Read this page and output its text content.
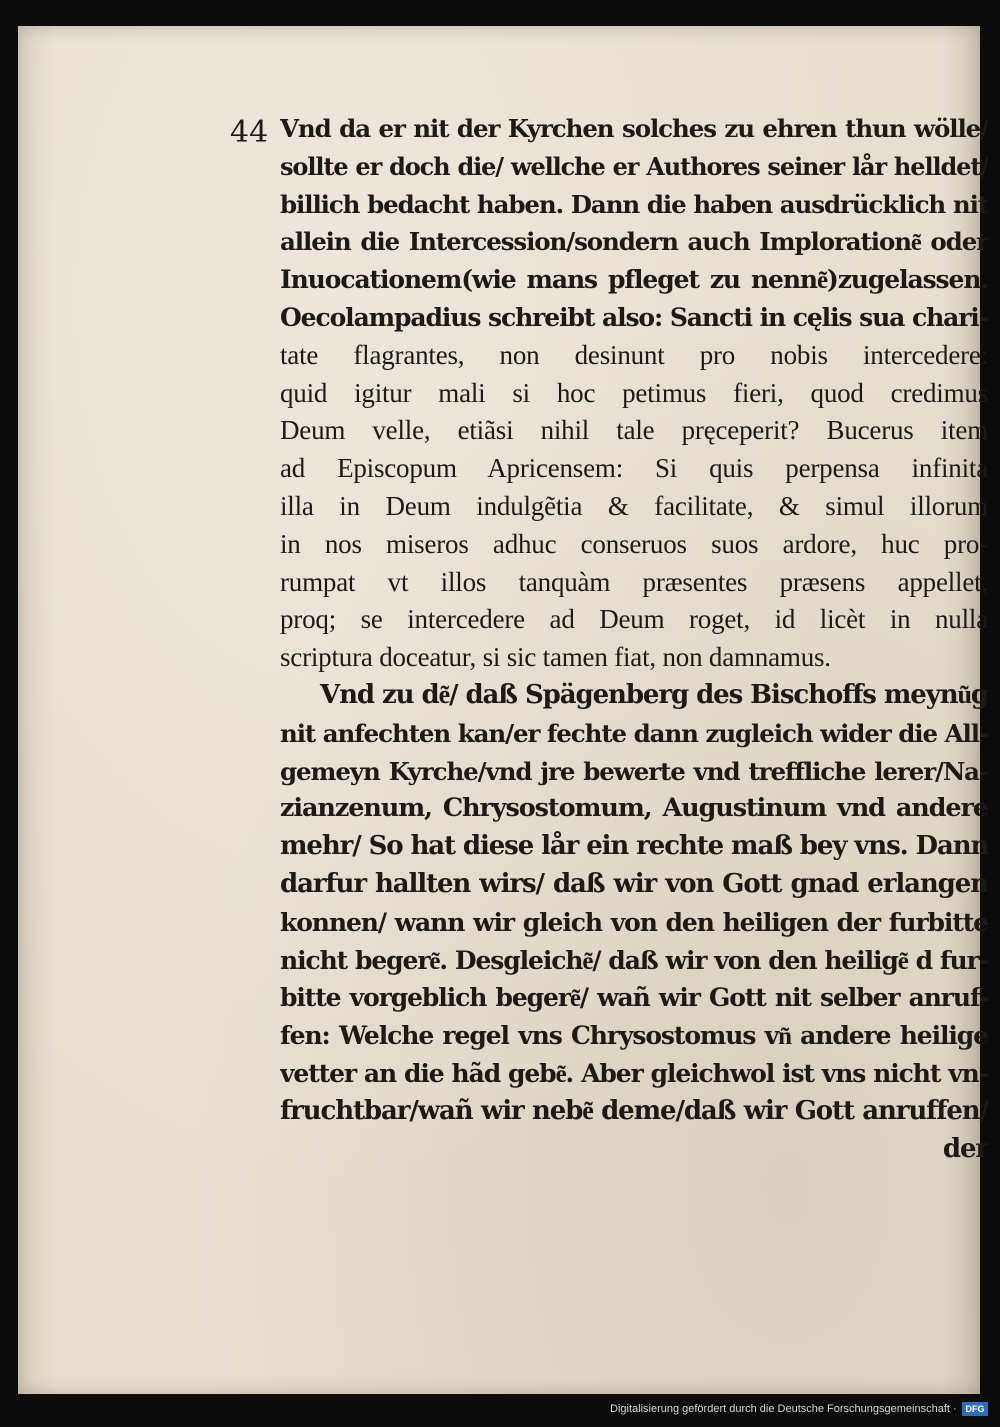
44 Vnd da er nit der Kyrchen solches zu ehren thun wölle/
sollte er doch die/ wellche er Authores seiner lår helldet/
billich bedacht haben. Dann die haben ausdrücklich nit
allein die Intercession/sondern auch Imploratione͂ oder
Inuocationem(wie mans pfleget zu nenne͂)zugelassen.
Oecolampadius schreibt also: Sancti in cęlis sua chari-
tate flagrantes, non desinunt pro nobis intercedere:
quid igitur mali si hoc petimus fieri, quod credimus
Deum velle, etiãsi nihil tale pręceperit? Bucerus item
ad Episcopum Apricensem: Si quis perpensa infinita
illa in Deum indulgẽtia & facilitate, & simul illorum
in nos miseros adhuc conseruos suos ardore, huc pro-
rumpat vt illos tanquàm præsentes præsens appellet,
proq; se intercedere ad Deum roget, id licèt in nulla
scriptura doceatur, si sic tamen fiat, non damnamus.
Vnd zu de͂/ daß Spägenberg des Bischoffs meynu͂g
nit anfechten kan/er fechte dann zugleich wider die All-
gemeyn Kyrche/vnd jre bewerte vnd treffliche lerer/Na-
zianzenum, Chrysostomum, Augustinum vnd andere
mehr/ So hat diese lår ein rechte maß bey vns. Dann
darfur hallten wirs/ daß wir von Gott gnad erlangen
konnen/ wann wir gleich von den heiligen der furbitte
nicht begere͂. Desgleiche͂/ daß wir von den heilige͂ d fur-
bitte vorgeblich begere͂/ wañ wir Gott nit selber anruf-
fen: Welche regel vns Chrysostomus vn͂ andere heilige
vetter an die hãd gebe͂. Aber gleichwol ist vns nicht vn-
fruchtbar/wañ wir nebe͂ deme/daß wir Gott anruffen/
der
Digitalisierung gefördert durch die Deutsche Forschungsgemeinschaft · DFG
